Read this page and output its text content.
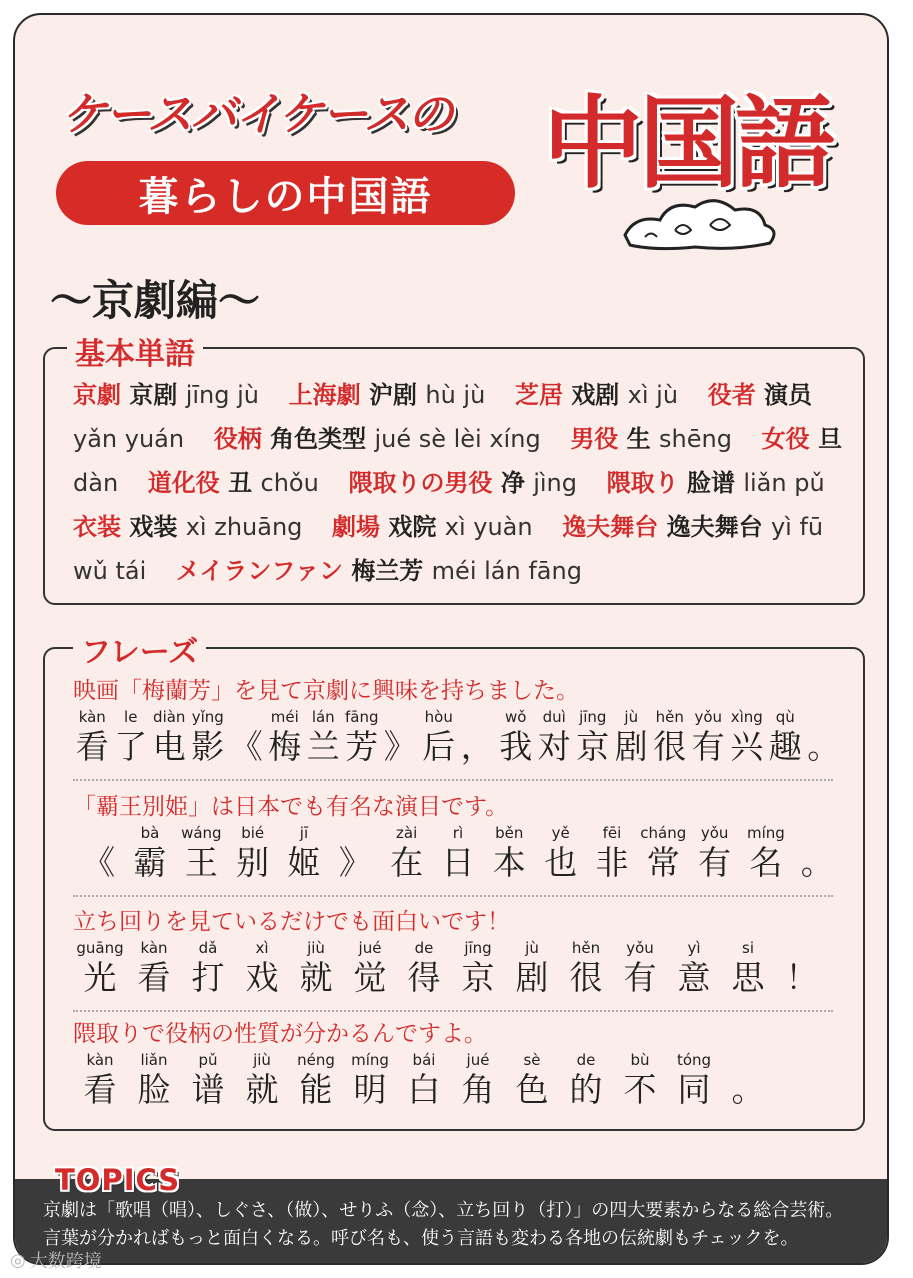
ケースバイケースの
暮らしの中国語	中国語
〜京劇編〜
基本単語
京劇 京剧 jīng jù 上海劇 沪剧 hù jù 芝居 戏剧 xì jù 役者 演员 yǎn yuán 役柄 角色类型 jué sè lèi xíng 男役 生 shēng 女役 旦 dàn 道化役 丑 chǒu 隈取りの男役 净 jìng 隈取り 脸谱 liǎn pǔ 衣装 戏装 xì zhuāng 劇場 戏院 xì yuàn 逸夫舞台 逸夫舞台 yì fū wǔ tái メイランファン 梅兰芳 méi lán fāng
フレーズ
映画「梅蘭芳」を見て京劇に興味を持ちました。
kàn
看
le
了
diàn
电
yǐng
影 《
méi
梅
lán
兰
fāng
芳 》
hòu
后 ，
wǒ
我
duì
对
jīng
京
jù
剧
hěn
很
yǒu
有
xìng
兴
qù
趣 。
「覇王別姫」は日本でも有名な演目です。
《
bà
霸
wáng
王
bié
别
jī
姬 》
zài
在
rì
日
běn
本
yě
也
fēi
非
cháng
常
yǒu
有
míng
名 。
立ち回りを見ているだけでも面白いです！
guāng
光
kàn
看
dǎ
打
xì
戏
jiù
就
jué
觉
de
得
jīng
京
jù
剧
hěn
很
yǒu
有
yì
意
si
思 ！
隈取りで役柄の性質が分かるんですよ。
kàn
看
liǎn
脸
pǔ
谱
jiù
就
néng
能
míng
明
bái
白
jué
角
sè
色
de
的
bù
不
tóng
同 。
京劇は「歌唱（唱）、しぐさ、（做）、せりふ（念）、立ち回り（打）」の四大要素からなる総合芸術。
言葉が分かればもっと面白くなる。呼び名も、使う言語も変わる各地の伝統劇もチェックを。
TOPICS
◎ 大数跨境
